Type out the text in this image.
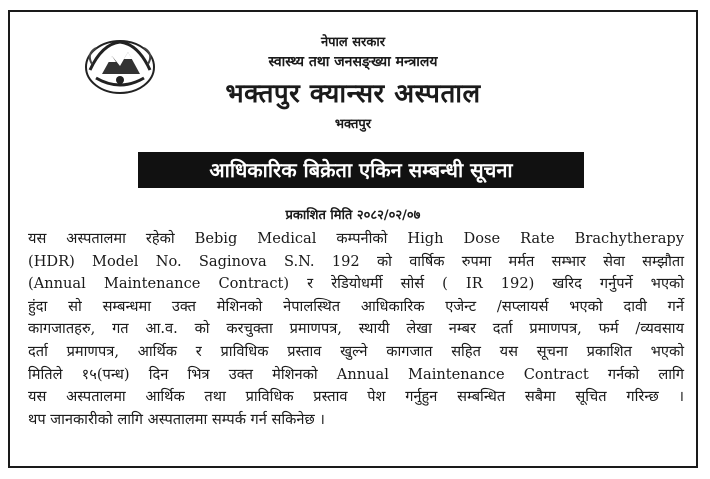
नेपाल सरकार
स्वास्थ्य तथा जनसङ्ख्या मन्त्रालय
भक्तपुर क्यान्सर अस्पताल
भक्तपुर
आधिकारिक बिक्रेता एकिन सम्बन्धी सूचना
प्रकाशित मिति २०८२/०२/०७
यस अस्पतालमा रहेको Bebig Medical कम्पनीको High Dose Rate Brachytherapy
(HDR) Model No. Saginova S.N. 192 को वार्षिक रुपमा मर्मत सम्भार सेवा सम्झौता
(Annual Maintenance Contract) र रेडियोधर्मी सोर्स ( IR 192) खरिद गर्नुपर्ने भएको
हुंदा सो सम्बन्धमा उक्त मेशिनको नेपालस्थित आधिकारिक एजेन्ट /सप्लायर्स भएको दावी गर्ने
कागजातहरु, गत आ.व. को करचुक्ता प्रमाणपत्र, स्थायी लेखा नम्बर दर्ता प्रमाणपत्र, फर्म /व्यवसाय
दर्ता प्रमाणपत्र, आर्थिक र प्राविधिक प्रस्ताव खुल्ने कागजात सहित यस सूचना प्रकाशित भएको
मितिले १५(पन्ध) दिन भित्र उक्त मेशिनको Annual Maintenance Contract गर्नको लागि
यस अस्पतालमा आर्थिक तथा प्राविधिक प्रस्ताव पेश गर्नुहुन सम्बन्धित सबैमा सूचित गरिन्छ ।
थप जानकारीको लागि अस्पतालमा सम्पर्क गर्न सकिनेछ ।
